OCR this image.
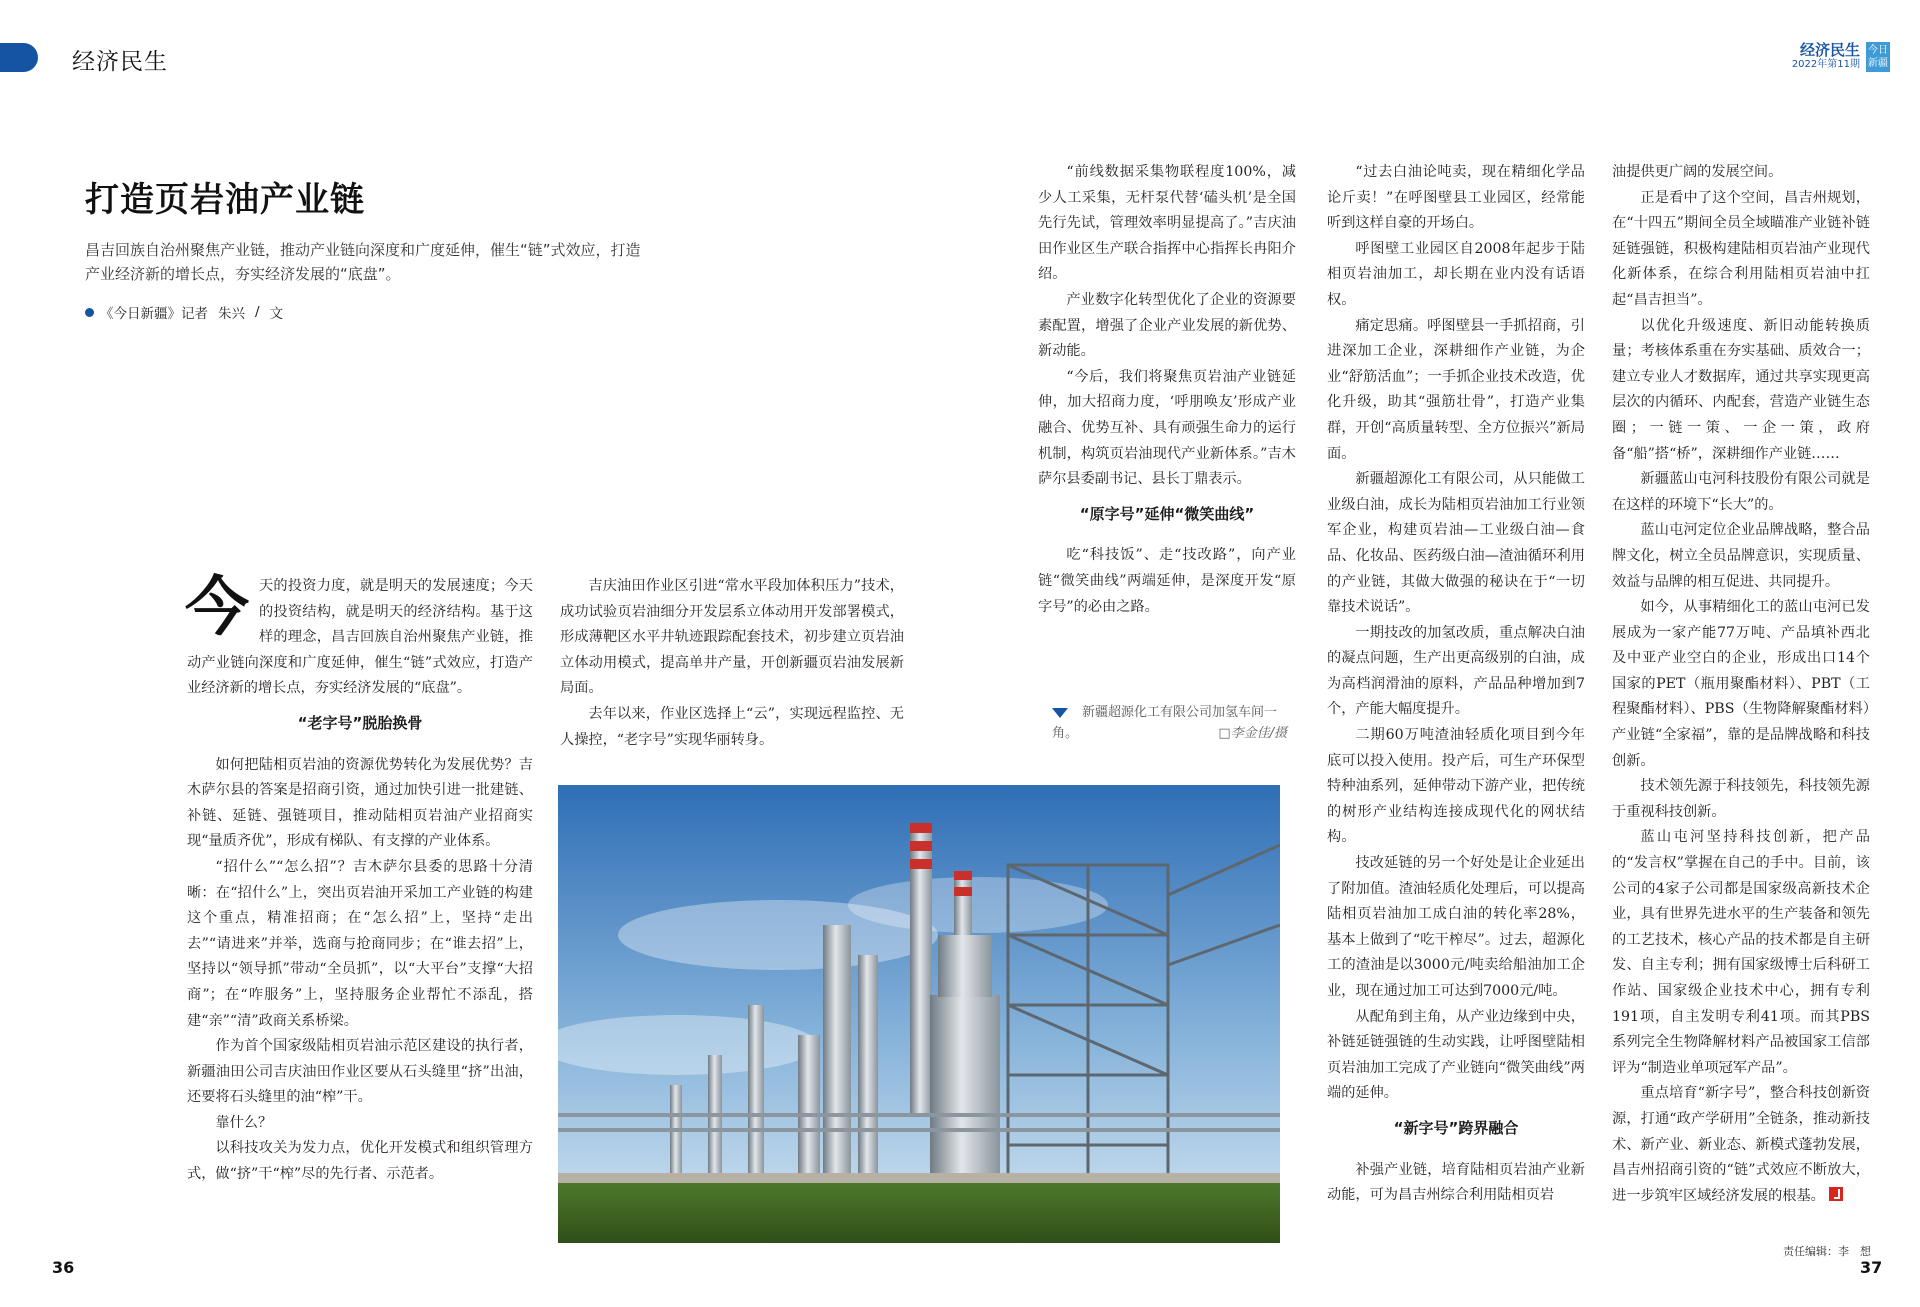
经济民生	经济民生
2022年第11期
今日新疆
打造页岩油产业链

昌吉回族自治州聚焦产业链，推动产业链向深度和广度延伸，催生“链”式效应，打造产业经济新的增长点，夯实经济发展的“底盘”。

《今日新疆》记者 朱兴 / 文

今天的投资力度，就是明天的发展速度；今天的投资结构，就是明天的经济结构。基于这样的理念，昌吉回族自治州聚焦产业链，推动产业链向深度和广度延伸，催生“链”式效应，打造产业经济新的增长点，夯实经济发展的“底盘”。

“老字号”脱胎换骨

如何把陆相页岩油的资源优势转化为发展优势？吉木萨尔县的答案是招商引资，通过加快引进一批建链、补链、延链、强链项目，推动陆相页岩油产业招商实现“量质齐优”，形成有梯队、有支撑的产业体系。

“招什么”“怎么招”？吉木萨尔县委的思路十分清晰：在“招什么”上，突出页岩油开采加工产业链的构建这个重点，精准招商；在“怎么招”上，坚持“走出去”“请进来”并举，选商与抢商同步；在“谁去招”上，坚持以“领导抓”带动“全员抓”，以“大平台”支撑“大招商”；在“咋服务”上，坚持服务企业帮忙不添乱，搭建“亲”“清”政商关系桥梁。

作为首个国家级陆相页岩油示范区建设的执行者，新疆油田公司吉庆油田作业区要从石头缝里“挤”出油，还要将石头缝里的油“榨”干。

靠什么？

以科技攻关为发力点，优化开发模式和组织管理方式，做“挤”干“榨”尽的先行者、示范者。

吉庆油田作业区引进“常水平段加体积压力”技术，成功试验页岩油细分开发层系立体动用开发部署模式，形成薄靶区水平井轨迹跟踪配套技术，初步建立页岩油立体动用模式，提高单井产量，开创新疆页岩油发展新局面。

去年以来，作业区选择上“云”，实现远程监控、无人操控，“老字号”实现华丽转身。

“前线数据采集物联程度100%，减少人工采集，无杆泵代替‘磕头机’是全国先行先试，管理效率明显提高了。”吉庆油田作业区生产联合指挥中心指挥长冉阳介绍。

产业数字化转型优化了企业的资源要素配置，增强了企业产业发展的新优势、新动能。

“今后，我们将聚焦页岩油产业链延伸，加大招商力度，‘呼朋唤友’形成产业融合、优势互补、具有顽强生命力的运行机制，构筑页岩油现代产业新体系。”吉木萨尔县委副书记、县长丁鼎表示。

“原字号”延伸“微笑曲线”

吃“科技饭”、走“技改路”，向产业链“微笑曲线”两端延伸，是深度开发“原字号”的必由之路。

新疆超源化工有限公司加氢车间一角。	□李金佳/摄

“过去白油论吨卖，现在精细化学品论斤卖！”在呼图壁县工业园区，经常能听到这样自豪的开场白。

呼图壁工业园区自2008年起步于陆相页岩油加工，却长期在业内没有话语权。

痛定思痛。呼图壁县一手抓招商，引进深加工企业，深耕细作产业链，为企业“舒筋活血”；一手抓企业技术改造，优化升级，助其“强筋壮骨”，打造产业集群，开创“高质量转型、全方位振兴”新局面。

新疆超源化工有限公司，从只能做工业级白油，成长为陆相页岩油加工行业领军企业，构建页岩油—工业级白油—食品、化妆品、医药级白油—渣油循环利用的产业链，其做大做强的秘诀在于“一切靠技术说话”。

一期技改的加氢改质，重点解决白油的凝点问题，生产出更高级别的白油，成为高档润滑油的原料，产品品种增加到7个，产能大幅度提升。

二期60万吨渣油轻质化项目到今年底可以投入使用。投产后，可生产环保型特种油系列，延伸带动下游产业，把传统的树形产业结构连接成现代化的网状结构。

技改延链的另一个好处是让企业延出了附加值。渣油轻质化处理后，可以提高陆相页岩油加工成白油的转化率28%，基本上做到了“吃干榨尽”。过去，超源化工的渣油是以3000元/吨卖给船油加工企业，现在通过加工可达到7000元/吨。

从配角到主角，从产业边缘到中央，补链延链强链的生动实践，让呼图壁陆相页岩油加工完成了产业链向“微笑曲线”两端的延伸。

“新字号”跨界融合

补强产业链，培育陆相页岩油产业新动能，可为昌吉州综合利用陆相页岩

油提供更广阔的发展空间。

正是看中了这个空间，昌吉州规划，在“十四五”期间全员全域瞄准产业链补链延链强链，积极构建陆相页岩油产业现代化新体系，在综合利用陆相页岩油中扛起“昌吉担当”。

以优化升级速度、新旧动能转换质量；考核体系重在夯实基础、质效合一；建立专业人才数据库，通过共享实现更高层次的内循环、内配套，营造产业链生态圈；一链一策、一企一策，政府备“船”搭“桥”，深耕细作产业链……

新疆蓝山屯河科技股份有限公司就是在这样的环境下“长大”的。

蓝山屯河定位企业品牌战略，整合品牌文化，树立全员品牌意识，实现质量、效益与品牌的相互促进、共同提升。

如今，从事精细化工的蓝山屯河已发展成为一家产能77万吨、产品填补西北及中亚产业空白的企业，形成出口14个国家的PET（瓶用聚酯材料）、PBT（工程聚酯材料）、PBS（生物降解聚酯材料）产业链“全家福”，靠的是品牌战略和科技创新。

技术领先源于科技领先，科技领先源于重视科技创新。

蓝山屯河坚持科技创新，把产品的“发言权”掌握在自己的手中。目前，该公司的4家子公司都是国家级高新技术企业，具有世界先进水平的生产装备和领先的工艺技术，核心产品的技术都是自主研发、自主专利；拥有国家级博士后科研工作站、国家级企业技术中心，拥有专利191项，自主发明专利41项。而其PBS系列完全生物降解材料产品被国家工信部评为“制造业单项冠军产品”。

重点培育“新字号”，整合科技创新资源，打通“政产学研用”全链条，推动新技术、新产业、新业态、新模式蓬勃发展，昌吉州招商引资的“链”式效应不断放大，进一步筑牢区域经济发展的根基。

36
责任编辑：李　想
37
